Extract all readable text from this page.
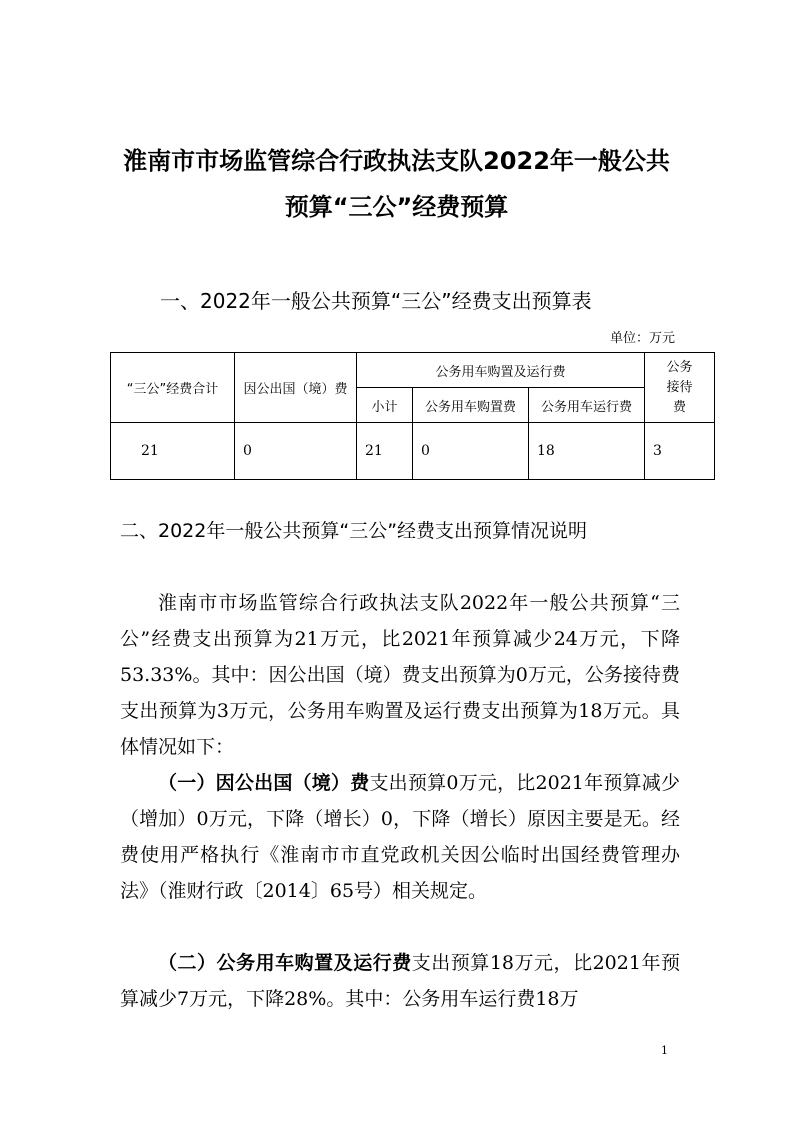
淮南市市场监管综合行政执法支队2022年一般公共
预算“三公”经费预算
一、2022年一般公共预算“三公”经费支出预算表
单位：万元
“三公”经费合计	因公出国（境）费	公务用车购置及运行费			公务接待费
		小计	公务用车购置费	公务用车运行费	
21	0	21	0	18	3
二、2022年一般公共预算“三公”经费支出预算情况说明
淮南市市场监管综合行政执法支队2022年一般公共预算“三公”经费支出预算为21万元，比2021年预算减少24万元，下降53.33%。其中：因公出国（境）费支出预算为0万元，公务接待费支出预算为3万元，公务用车购置及运行费支出预算为18万元。具体情况如下：
（一）因公出国（境）费支出预算0万元，比2021年预算减少（增加）0万元，下降（增长）0，下降（增长）原因主要是无。经费使用严格执行《淮南市市直党政机关因公临时出国经费管理办法》（淮财行政〔2014〕65号）相关规定。
（二）公务用车购置及运行费支出预算18万元，比2021年预算减少7万元，下降28%。其中：公务用车运行费18万
1
